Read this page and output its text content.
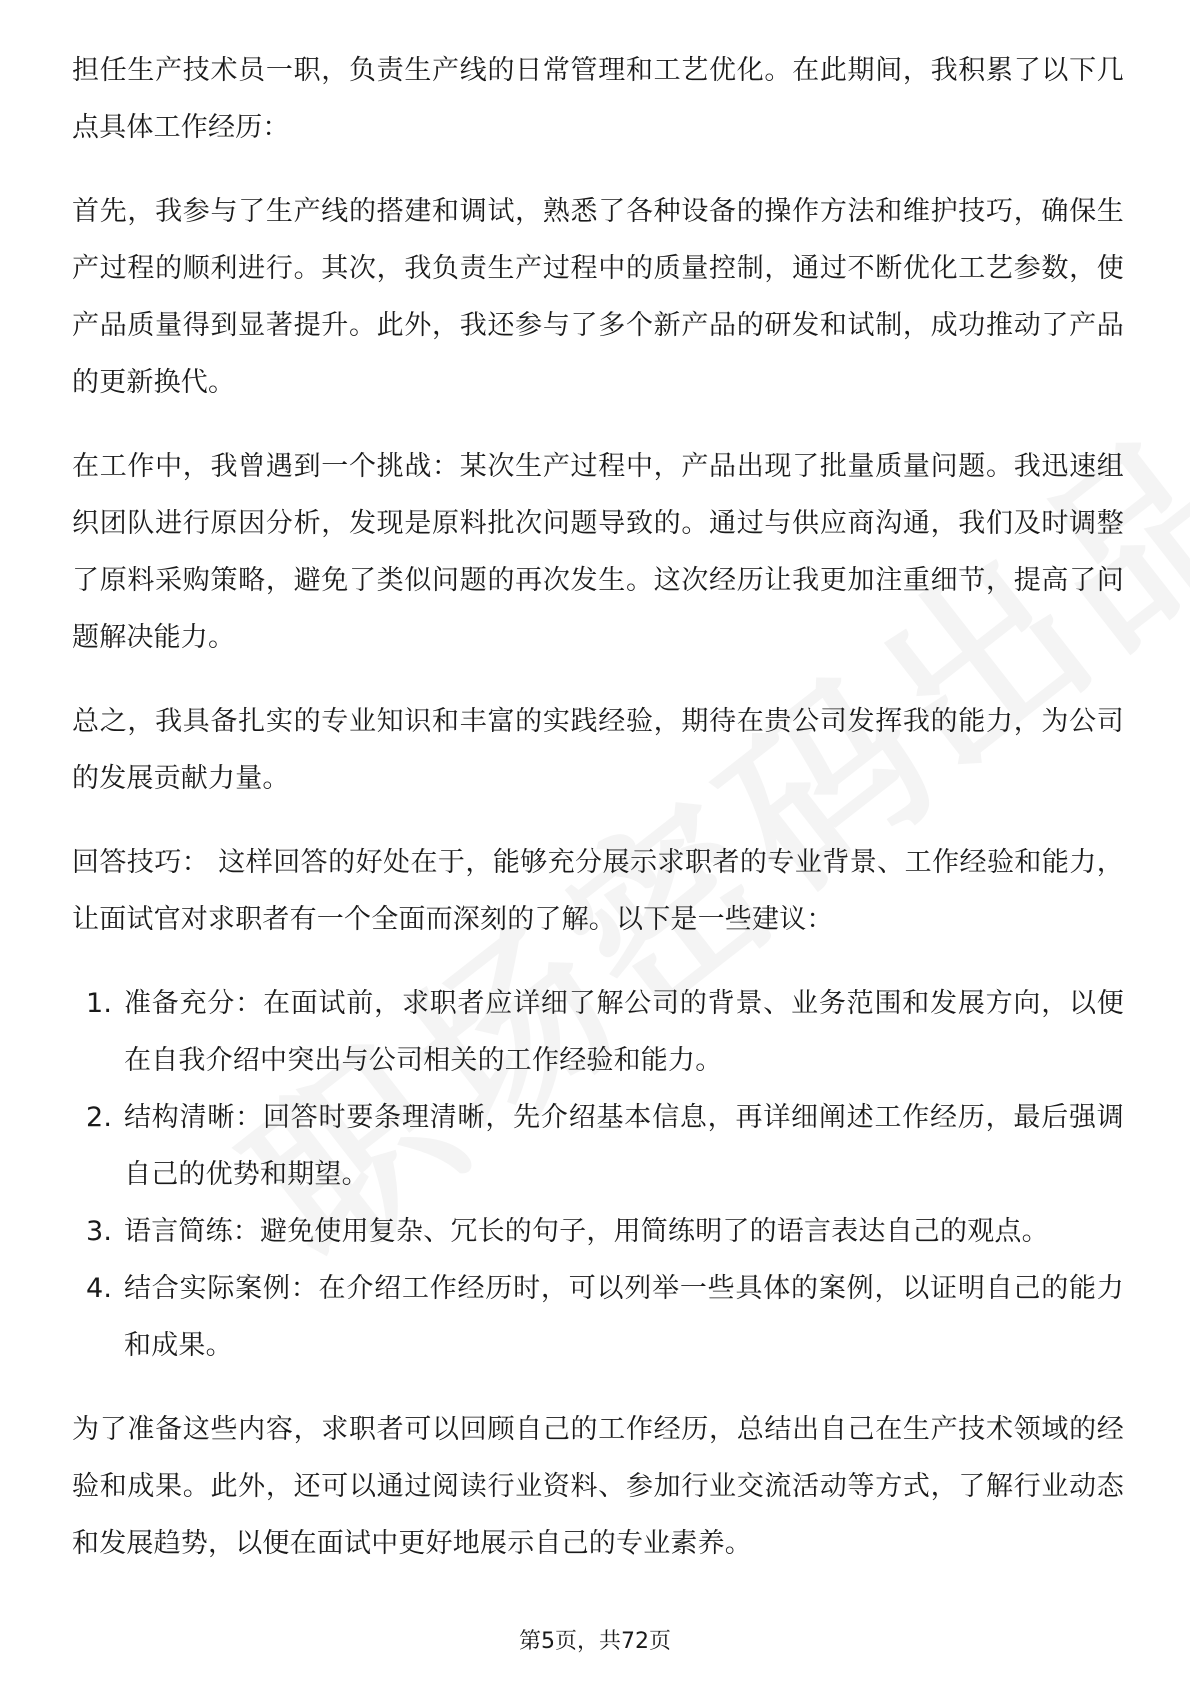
担任生产技术员一职，负责生产线的日常管理和工艺优化。在此期间，我积累了以下几点具体工作经历：

首先，我参与了生产线的搭建和调试，熟悉了各种设备的操作方法和维护技巧，确保生产过程的顺利进行。其次，我负责生产过程中的质量控制，通过不断优化工艺参数，使产品质量得到显著提升。此外，我还参与了多个新产品的研发和试制，成功推动了产品的更新换代。

在工作中，我曾遇到一个挑战：某次生产过程中，产品出现了批量质量问题。我迅速组织团队进行原因分析，发现是原料批次问题导致的。通过与供应商沟通，我们及时调整了原料采购策略，避免了类似问题的再次发生。这次经历让我更加注重细节，提高了问题解决能力。

总之，我具备扎实的专业知识和丰富的实践经验，期待在贵公司发挥我的能力，为公司的发展贡献力量。

回答技巧： 这样回答的好处在于，能够充分展示求职者的专业背景、工作经验和能力，让面试官对求职者有一个全面而深刻的了解。以下是一些建议：

1. 准备充分：在面试前，求职者应详细了解公司的背景、业务范围和发展方向，以便在自我介绍中突出与公司相关的工作经验和能力。
2. 结构清晰：回答时要条理清晰，先介绍基本信息，再详细阐述工作经历，最后强调自己的优势和期望。
3. 语言简练：避免使用复杂、冗长的句子，用简练明了的语言表达自己的观点。
4. 结合实际案例：在介绍工作经历时，可以列举一些具体的案例，以证明自己的能力和成果。

为了准备这些内容，求职者可以回顾自己的工作经历，总结出自己在生产技术领域的经验和成果。此外，还可以通过阅读行业资料、参加行业交流活动等方式，了解行业动态和发展趋势，以便在面试中更好地展示自己的专业素养。

第5页，共72页
